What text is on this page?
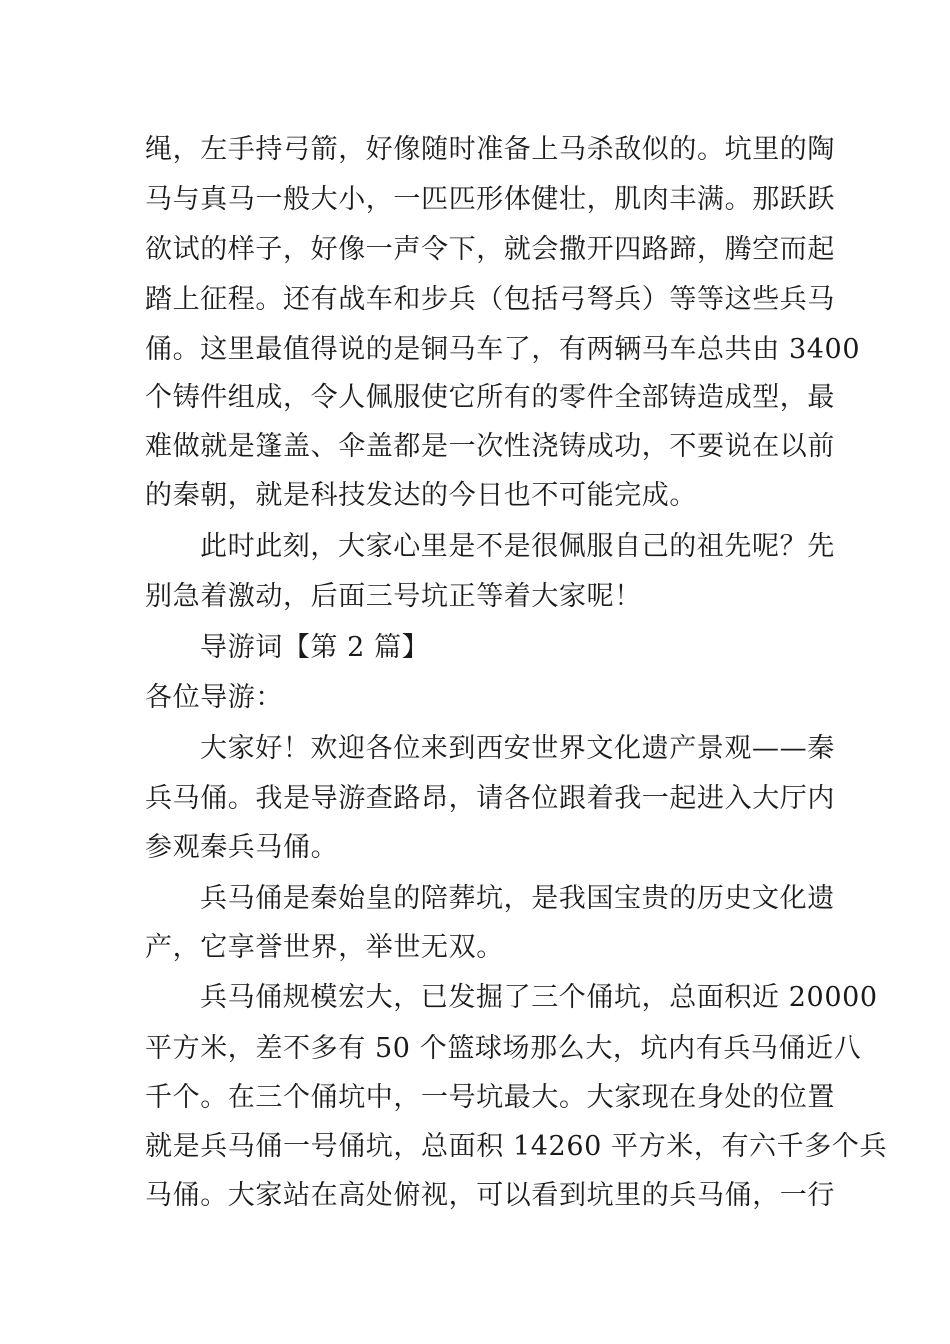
绳，左手持弓箭，好像随时准备上马杀敌似的。坑里的陶
马与真马一般大小，一匹匹形体健壮，肌肉丰满。那跃跃
欲试的样子，好像一声令下，就会撒开四路蹄，腾空而起
踏上征程。还有战车和步兵（包括弓弩兵）等等这些兵马
俑。这里最值得说的是铜马车了，有两辆马车总共由 3400
个铸件组成，令人佩服使它所有的零件全部铸造成型，最
难做就是篷盖、伞盖都是一次性浇铸成功，不要说在以前
的秦朝，就是科技发达的今日也不可能完成。
此时此刻，大家心里是不是很佩服自己的祖先呢？先
别急着激动，后面三号坑正等着大家呢！
导游词【第 2 篇】
各位导游：
大家好！欢迎各位来到西安世界文化遗产景观——秦
兵马俑。我是导游查路昂，请各位跟着我一起进入大厅内
参观秦兵马俑。
兵马俑是秦始皇的陪葬坑，是我国宝贵的历史文化遗
产，它享誉世界，举世无双。
兵马俑规模宏大，已发掘了三个俑坑，总面积近 20000
平方米，差不多有 50 个篮球场那么大，坑内有兵马俑近八
千个。在三个俑坑中，一号坑最大。大家现在身处的位置
就是兵马俑一号俑坑，总面积 14260 平方米，有六千多个兵
马俑。大家站在高处俯视，可以看到坑里的兵马俑，一行
